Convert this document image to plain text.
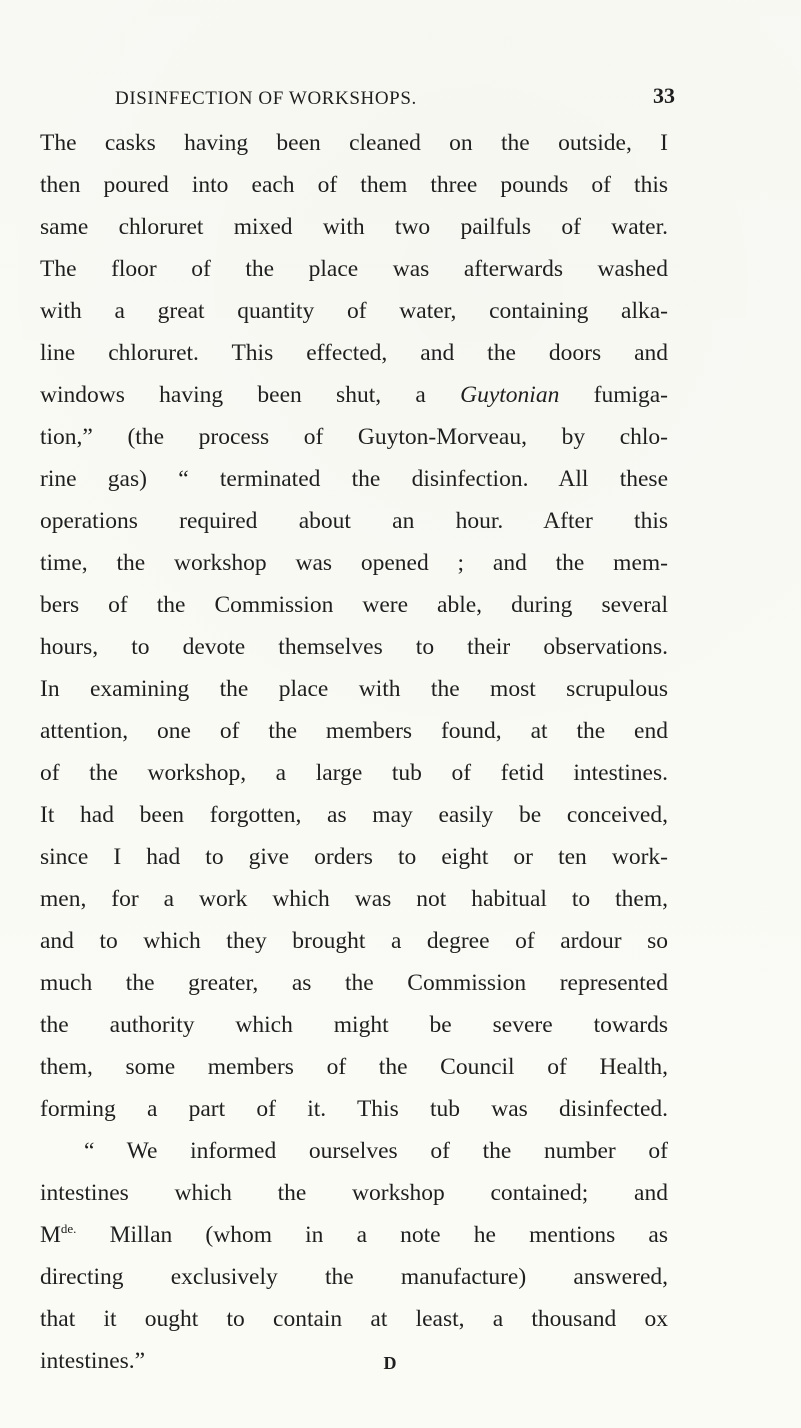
DISINFECTION OF WORKSHOPS.	33
The casks having been cleaned on the outside, I
then poured into each of them three pounds of this
same chloruret mixed with two pailfuls of water.
The floor of the place was afterwards washed
with a great quantity of water, containing alka-
line chloruret. This effected, and the doors and
windows having been shut, a Guytonian fumiga-
tion,” (the process of Guyton-Morveau, by chlo-
rine gas) “ terminated the disinfection. All these
operations required about an hour. After this
time, the workshop was opened ; and the mem-
bers of the Commission were able, during several
hours, to devote themselves to their observations.
In examining the place with the most scrupulous
attention, one of the members found, at the end
of the workshop, a large tub of fetid intestines.
It had been forgotten, as may easily be conceived,
since I had to give orders to eight or ten work-
men, for a work which was not habitual to them,
and to which they brought a degree of ardour so
much the greater, as the Commission represented
the authority which might be severe towards
them, some members of the Council of Health,
forming a part of it. This tub was disinfected.
“ We informed ourselves of the number of
intestines which the workshop contained; and
$M^{de.}$ Millan (whom in a note he mentions as
directing exclusively the manufacture) answered,
that it ought to contain at least, a thousand ox
intestines.”	D
